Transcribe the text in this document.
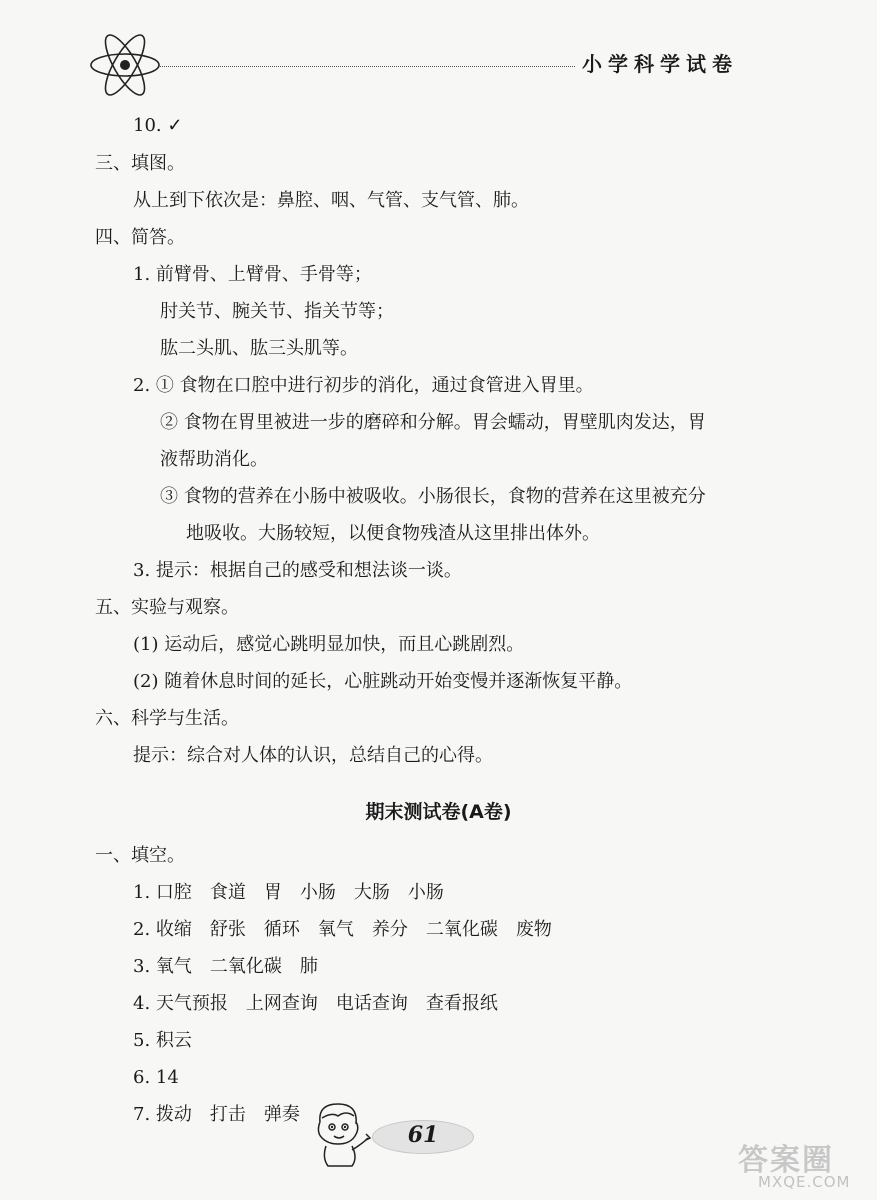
小学科学试卷
10. ✓
三、填图。
从上到下依次是：鼻腔、咽、气管、支气管、肺。
四、简答。
1. 前臂骨、上臂骨、手骨等；
肘关节、腕关节、指关节等；
肱二头肌、肱三头肌等。
2. ① 食物在口腔中进行初步的消化，通过食管进入胃里。
② 食物在胃里被进一步的磨碎和分解。胃会蠕动，胃壁肌肉发达，胃
液帮助消化。
③ 食物的营养在小肠中被吸收。小肠很长，食物的营养在这里被充分
地吸收。大肠较短，以便食物残渣从这里排出体外。
3. 提示：根据自己的感受和想法谈一谈。
五、实验与观察。
(1) 运动后，感觉心跳明显加快，而且心跳剧烈。
(2) 随着休息时间的延长，心脏跳动开始变慢并逐渐恢复平静。
六、科学与生活。
提示：综合对人体的认识，总结自己的心得。
一、填空。
1. 口腔　食道　胃　小肠　大肠　小肠
2. 收缩　舒张　循环　氧气　养分　二氧化碳　废物
3. 氧气　二氧化碳　肺
4. 天气预报　上网查询　电话查询　查看报纸
5. 积云
6. 14
7. 拨动　打击　弹奏
期末测试卷(A卷)
61
答案圈
MXQE.COM
